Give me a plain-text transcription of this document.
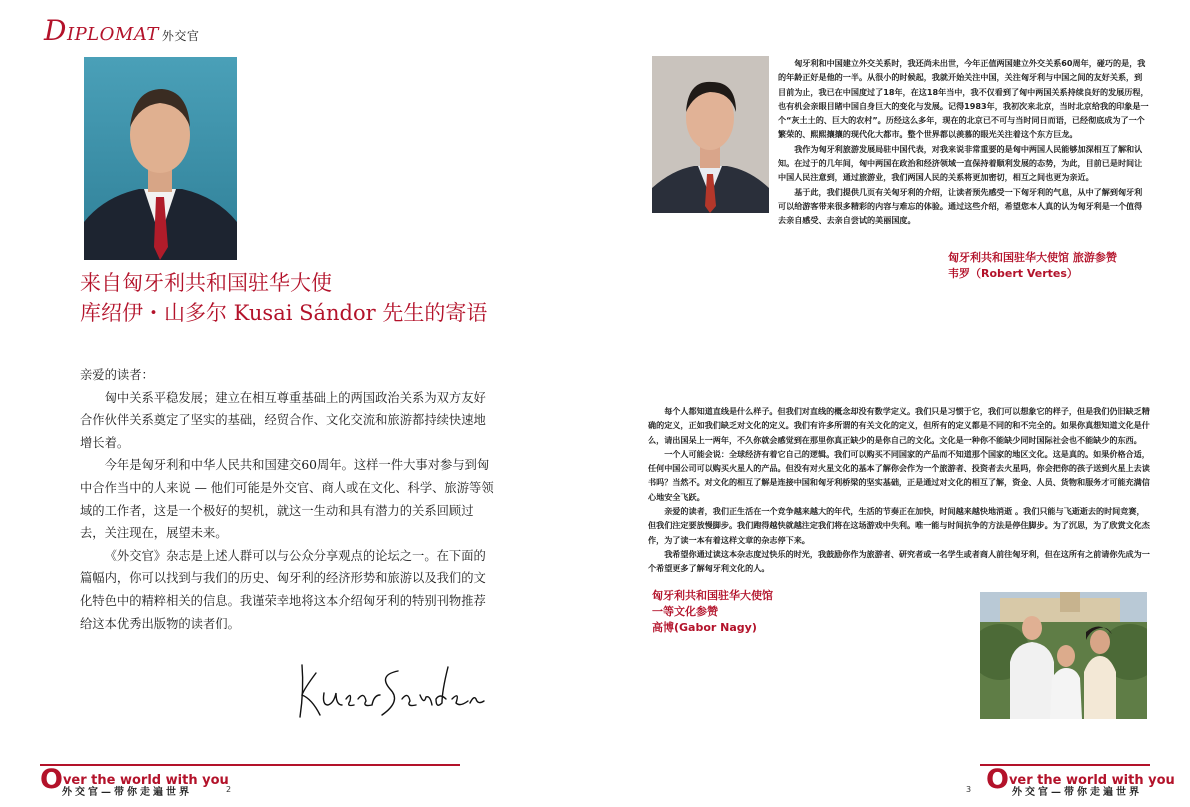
DIPLOMAT 外交官
来自匈牙利共和国驻华大使
库绍伊・山多尔 Kusai Sándor 先生的寄语

亲爱的读者：

匈中关系平稳发展；建立在相互尊重基础上的两国政治关系为双方友好合作伙伴关系奠定了坚实的基础，经贸合作、文化交流和旅游都持续快速地增长着。

今年是匈牙利和中华人民共和国建交60周年。这样一件大事对参与到匈中合作当中的人来说 — 他们可能是外交官、商人或在文化、科学、旅游等领域的工作者，这是一个极好的契机，就这一生动和具有潜力的关系回顾过去，关注现在，展望未来。

《外交官》杂志是上述人群可以与公众分享观点的论坛之一。在下面的篇幅内，你可以找到与我们的历史、匈牙利的经济形势和旅游以及我们的文化特色中的精粹相关的信息。我谨荣幸地将这本介绍匈牙利的特别刊物推荐给这本优秀出版物的读者们。

Over the world with you
外交官—带你走遍世界	2

匈牙利和中国建立外交关系时，我还尚未出世，今年正值两国建立外交关系60周年，碰巧的是，我的年龄正好是他的一半。从很小的时候起，我就开始关注中国，关注匈牙利与中国之间的友好关系，到目前为止，我已在中国度过了18年，在这18年当中，我不仅看到了匈中两国关系持续良好的发展历程，也有机会亲眼目睹中国自身巨大的变化与发展。记得1983年，我初次来北京，当时北京给我的印象是一个“灰土土的、巨大的农村”。历经这么多年，现在的北京已不可与当时同日而语，已经彻底成为了一个繁荣的、熙熙攘攘的现代化大都市。整个世界都以羡慕的眼光关注着这个东方巨龙。

我作为匈牙利旅游发展局驻中国代表，对我来说非常重要的是匈中两国人民能够加深相互了解和认知。在过于的几年间，匈中两国在政治和经济领域一直保持着顺利发展的态势，为此，目前已是时间让中国人民注意到，通过旅游业，我们两国人民的关系将更加密切，相互之间也更为亲近。

基于此，我们提供几页有关匈牙利的介绍，让读者预先感受一下匈牙利的气息，从中了解到匈牙利可以给游客带来很多精彩的内容与难忘的体验。通过这些介绍，希望您本人真的认为匈牙利是一个值得去亲自感受、去亲自尝试的美丽国度。

匈牙利共和国驻华大使馆 旅游参赞
韦罗（Robert Vertes）

每个人都知道直线是什么样子。但我们对直线的概念却没有数学定义。我们只是习惯于它，我们可以想象它的样子，但是我们仍旧缺乏精确的定义，正如我们缺乏对文化的定义。我们有许多所谓的有关文化的定义，但所有的定义都是不同的和不完全的。如果你真想知道文化是什么，请出国呆上一两年，不久你就会感觉到在那里你真正缺少的是你自己的文化。文化是一种你不能缺少同时国际社会也不能缺少的东西。

一个人可能会说：全球经济有着它自己的逻辑。我们可以购买不同国家的产品而不知道那个国家的地区文化。这是真的。如果价格合适，任何中国公司可以购买火星人的产品。但没有对火星文化的基本了解你会作为一个旅游者、投资者去火星吗，你会把你的孩子送到火星上去读书吗？当然不。对文化的相互了解是连接中国和匈牙利桥梁的坚实基础，正是通过对文化的相互了解，资金、人员、货物和服务才可能充满信心地安全飞跃。

亲爱的读者，我们正生活在一个竞争越来越大的年代，生活的节奏正在加快，时间越来越快地消逝 。我们只能与飞逝逝去的时间竞赛，但我们注定要放慢脚步。我们跑得越快就越注定我们将在这场游戏中失利。唯一能与时间抗争的方法是停住脚步。为了沉思，为了欣赏文化杰作，为了读一本有着这样文章的杂志停下来。

我希望你通过读这本杂志度过快乐的时光，我鼓励你作为旅游者、研究者或一名学生或者商人前往匈牙利，但在这所有之前请你先成为一个希望更多了解匈牙利文化的人。

匈牙利共和国驻华大使馆
一等文化参赞
高博(Gabor Nagy)
3 Over the world with you
外交官—带你走遍世界
